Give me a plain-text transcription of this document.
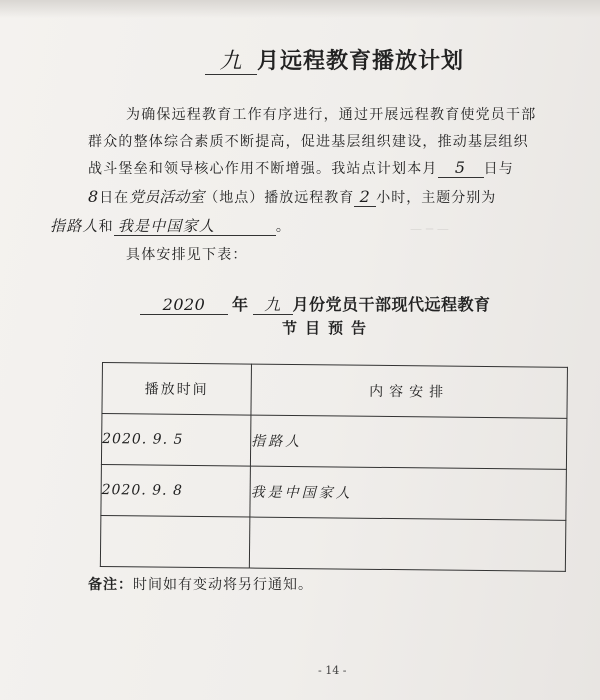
— ─ —
九 月远程教育播放计划
为确保远程教育工作有序进行，通过开展远程教育使党员干部
群众的整体综合素质不断提高，促进基层组织建设，推动基层组织
战斗堡垒和领导核心作用不断增强。我站点计划本月 5 日与
8日在党员活动室（地点）播放远程教育 2 小时，主题分别为
指路人和 我是中国家人	。
具体安排见下表：
2020 年 九 月份党员干部现代远程教育
节目预告
播放时间	内容安排
2020. 9. 5	指路人
2020. 9. 8	我是中国家人

备注：时间如有变动将另行通知。
- 14 -
